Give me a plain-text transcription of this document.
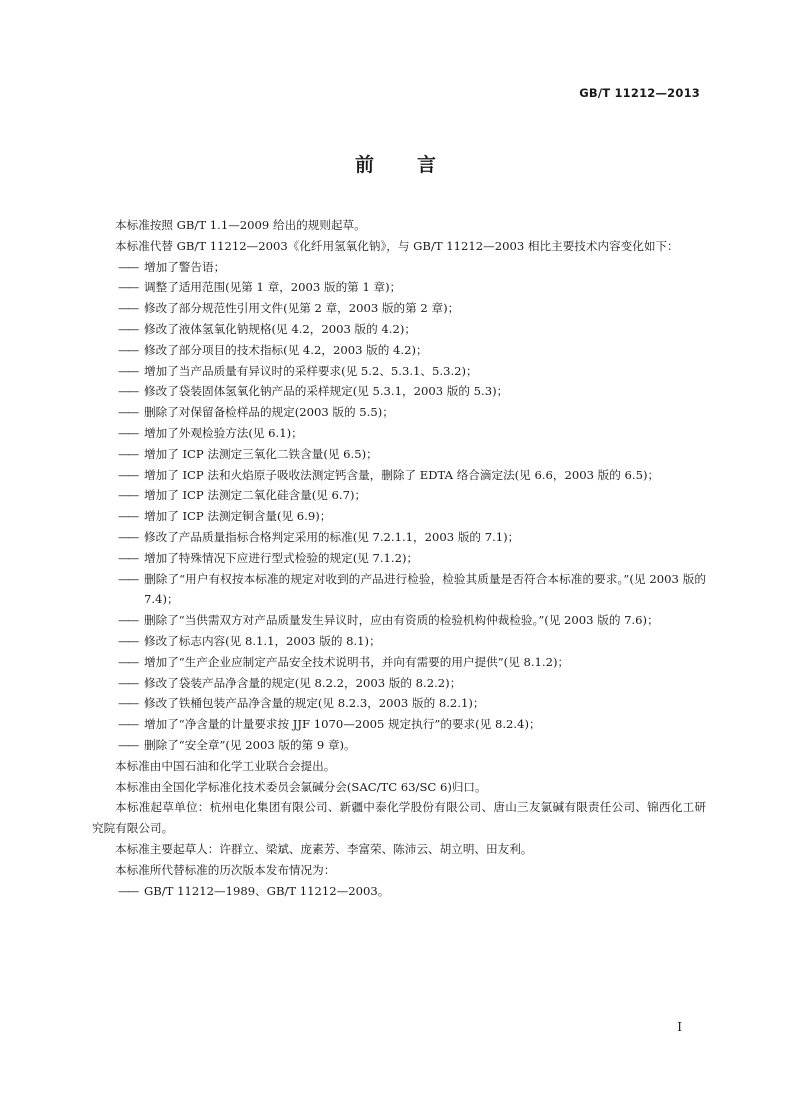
GB/T 11212—2013
前 言
本标准按照 GB/T 1.1—2009 给出的规则起草。
本标准代替 GB/T 11212—2003《化纤用氢氧化钠》，与 GB/T 11212—2003 相比主要技术内容变化如下：
—— 增加了警告语；
—— 调整了适用范围(见第 1 章，2003 版的第 1 章)；
—— 修改了部分规范性引用文件(见第 2 章，2003 版的第 2 章)；
—— 修改了液体氢氧化钠规格(见 4.2，2003 版的 4.2)；
—— 修改了部分项目的技术指标(见 4.2，2003 版的 4.2)；
—— 增加了当产品质量有异议时的采样要求(见 5.2、5.3.1、5.3.2)；
—— 修改了袋装固体氢氧化钠产品的采样规定(见 5.3.1，2003 版的 5.3)；
—— 删除了对保留备检样品的规定(2003 版的 5.5)；
—— 增加了外观检验方法(见 6.1)；
—— 增加了 ICP 法测定三氧化二铁含量(见 6.5)；
—— 增加了 ICP 法和火焰原子吸收法测定钙含量，删除了 EDTA 络合滴定法(见 6.6，2003 版的 6.5)；
—— 增加了 ICP 法测定二氧化硅含量(见 6.7)；
—— 增加了 ICP 法测定铜含量(见 6.9)；
—— 修改了产品质量指标合格判定采用的标准(见 7.2.1.1，2003 版的 7.1)；
—— 增加了特殊情况下应进行型式检验的规定(见 7.1.2)；
—— 删除了“用户有权按本标准的规定对收到的产品进行检验，检验其质量是否符合本标准的要求。”(见 2003 版的 7.4)；
—— 删除了“当供需双方对产品质量发生异议时，应由有资质的检验机构仲裁检验。”(见 2003 版的 7.6)；
—— 修改了标志内容(见 8.1.1，2003 版的 8.1)；
—— 增加了“生产企业应制定产品安全技术说明书，并向有需要的用户提供”(见 8.1.2)；
—— 修改了袋装产品净含量的规定(见 8.2.2，2003 版的 8.2.2)；
—— 修改了铁桶包装产品净含量的规定(见 8.2.3，2003 版的 8.2.1)；
—— 增加了“净含量的计量要求按 JJF 1070—2005 规定执行”的要求(见 8.2.4)；
—— 删除了“安全章”(见 2003 版的第 9 章)。
本标准由中国石油和化学工业联合会提出。
本标准由全国化学标准化技术委员会氯碱分会(SAC/TC 63/SC 6)归口。
本标准起草单位：杭州电化集团有限公司、新疆中泰化学股份有限公司、唐山三友氯碱有限责任公司、锦西化工研究院有限公司。
本标准主要起草人：许群立、梁斌、庞素芳、李富荣、陈沛云、胡立明、田友利。
本标准所代替标准的历次版本发布情况为：
—— GB/T 11212—1989、GB/T 11212—2003。
I
